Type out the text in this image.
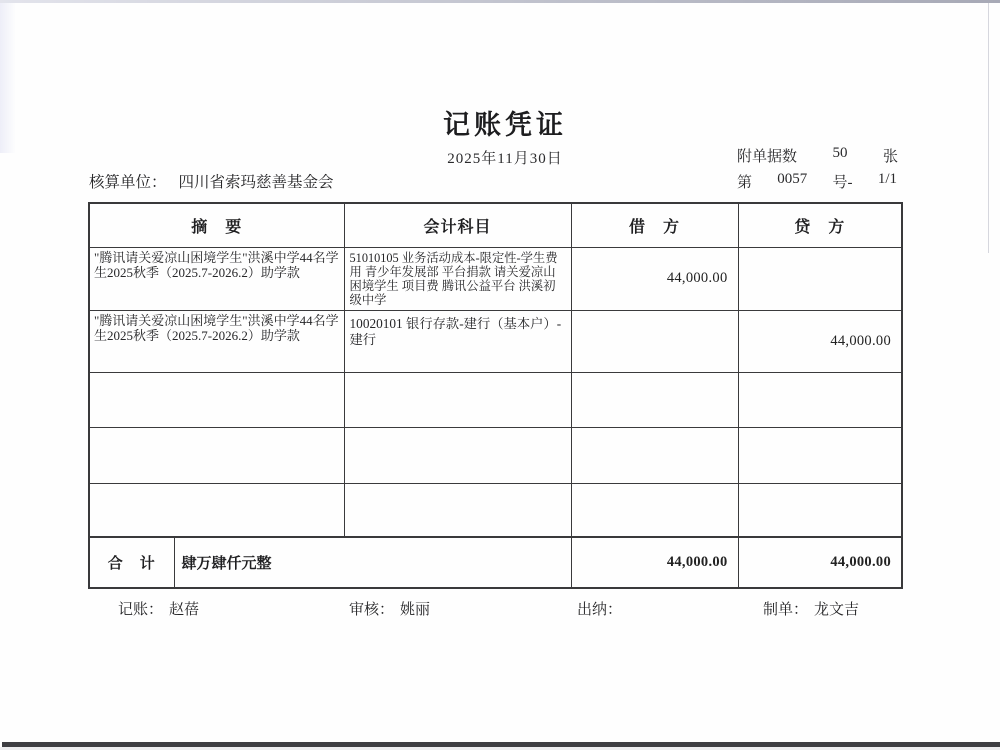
记账凭证
2025年11月30日	附单据数 50 张
第 0057 号- 1/1
核算单位： 四川省索玛慈善基金会
摘　要		会计科目	借　方	贷　方
"腾讯请关爱凉山困境学生"洪溪中学44名学生2025秋季（2025.7-2026.2）助学款		51010105 业务活动成本-限定性-学生费用 青少年发展部 平台捐款 请关爱凉山困境学生 项目费 腾讯公益平台 洪溪初级中学	44,000.00	
"腾讯请关爱凉山困境学生"洪溪中学44名学生2025秋季（2025.7-2026.2）助学款		10020101 银行存款-建行（基本户）-建行		44,000.00

合　计	肆万肆仟元整		44,000.00	44,000.00
记账： 赵蓓	审核： 姚丽	出纳：	制单： 龙文吉
